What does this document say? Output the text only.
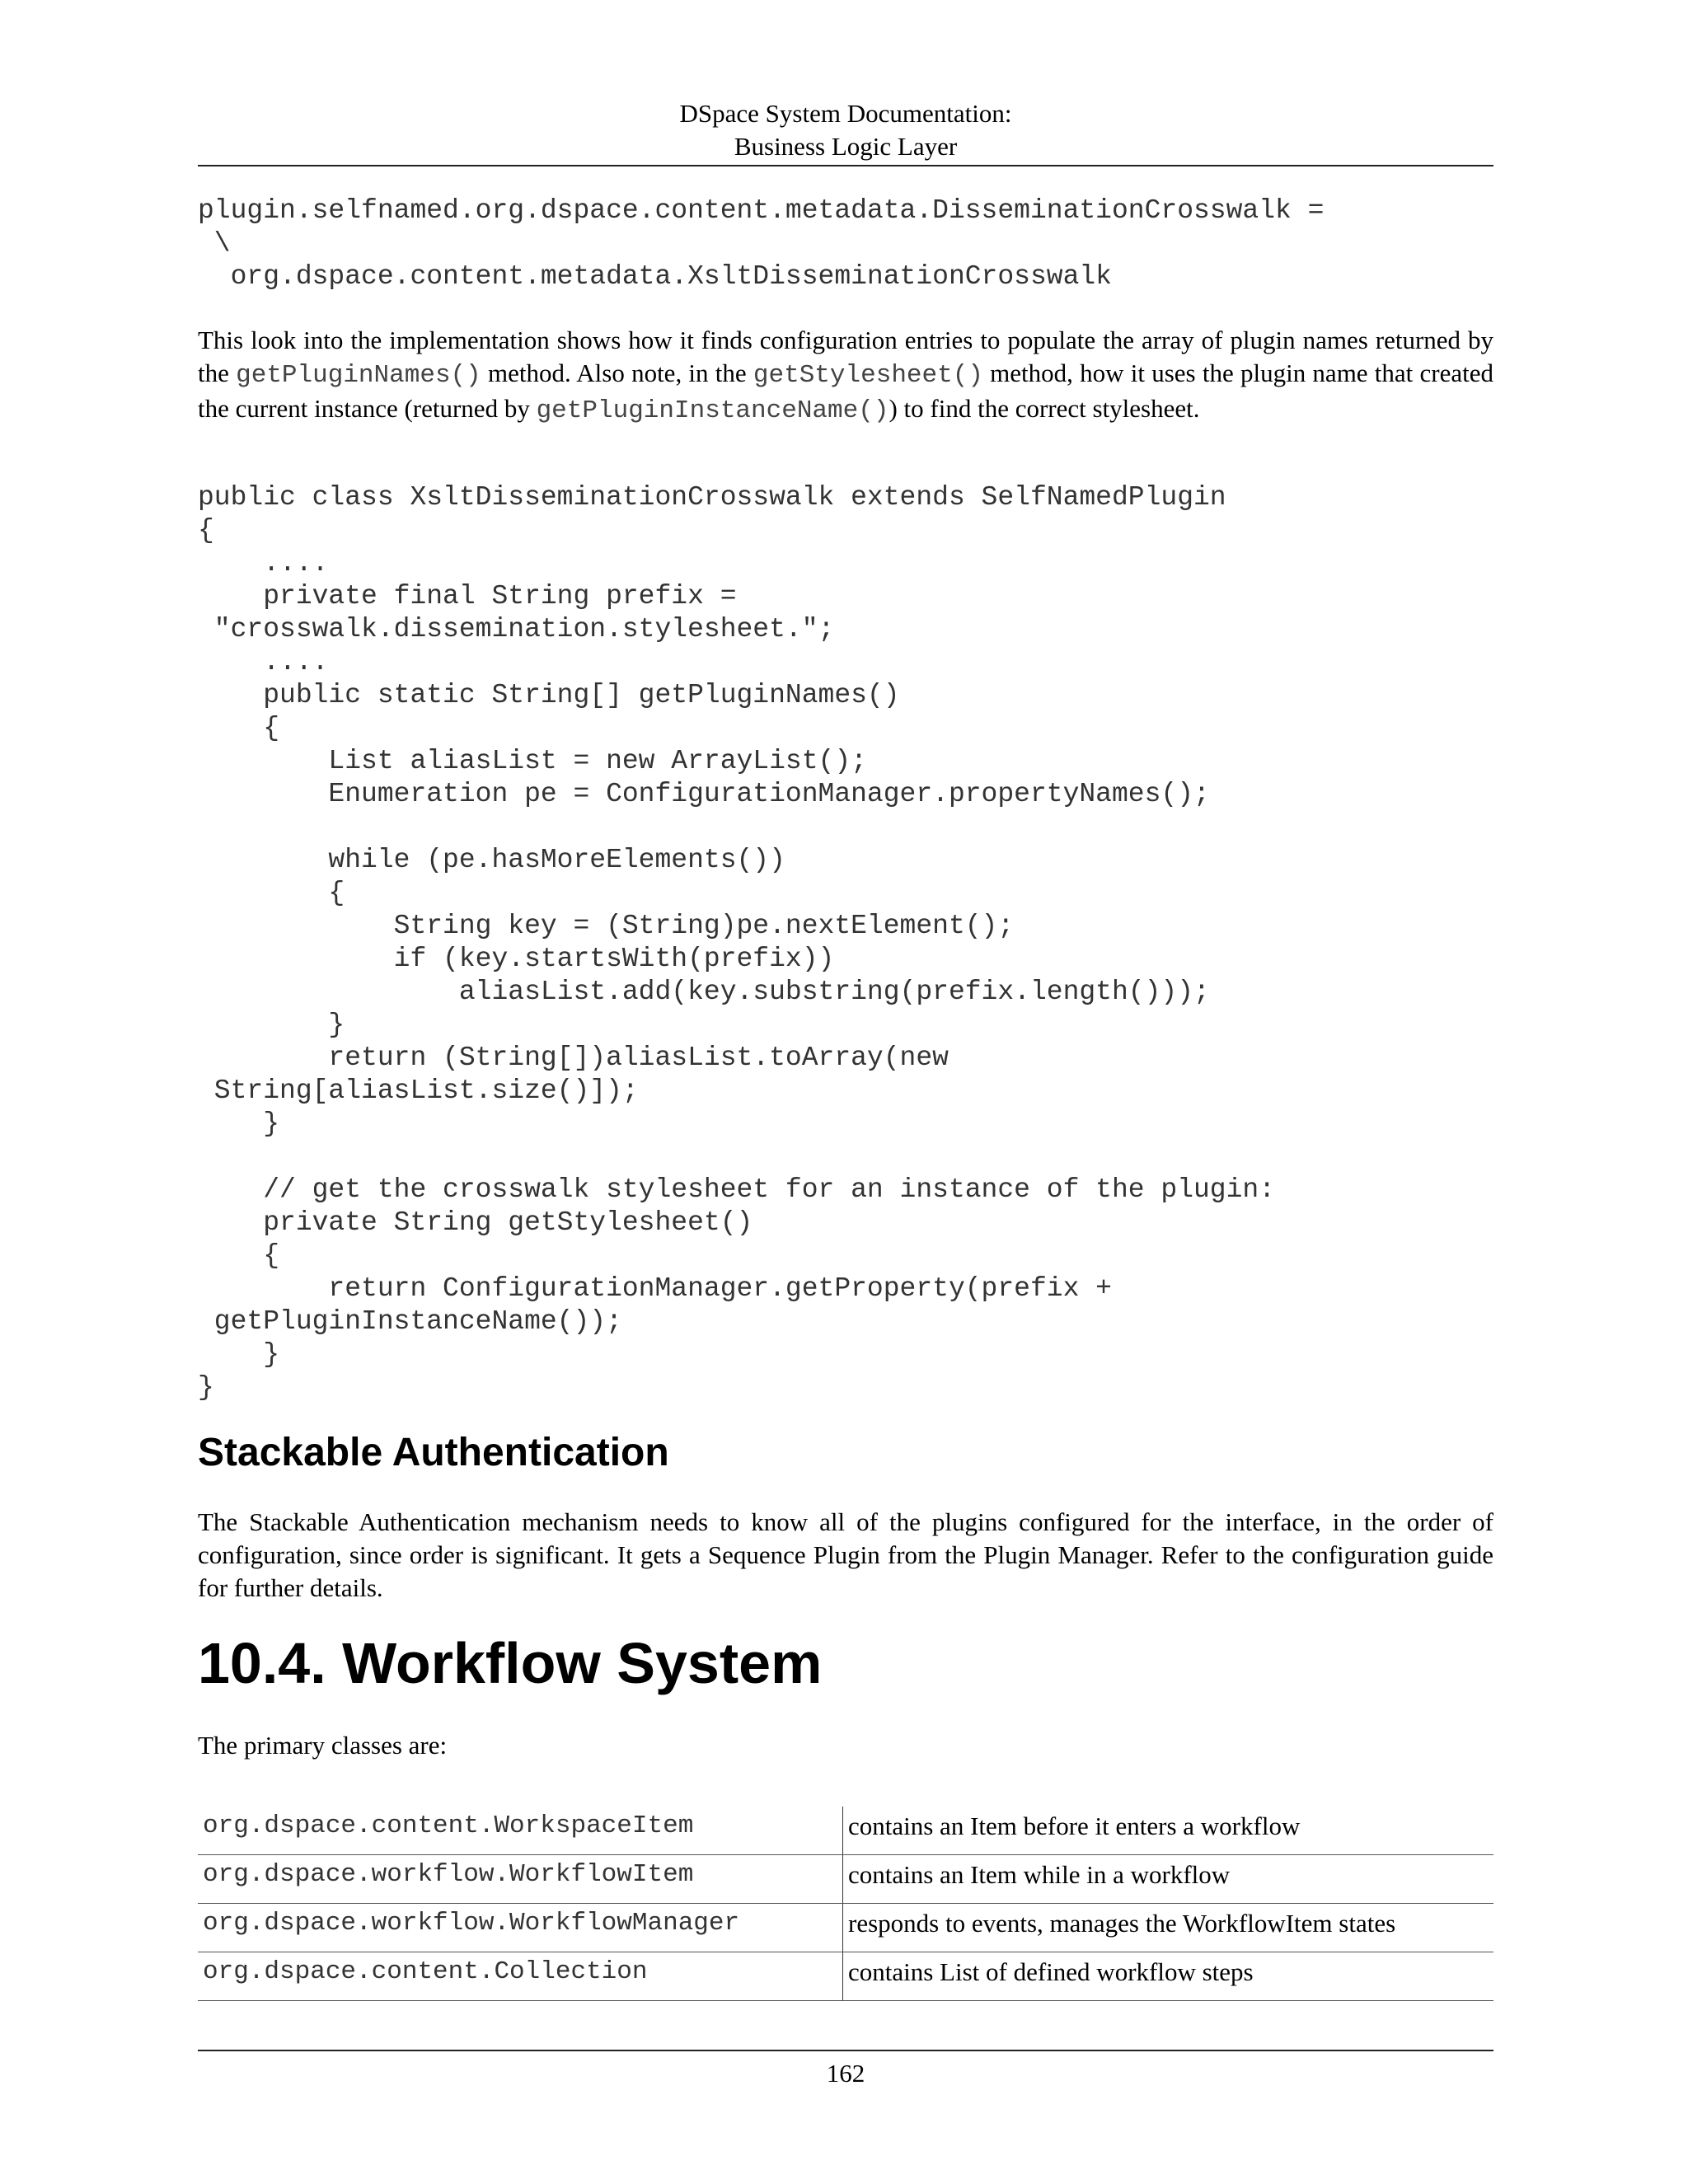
DSpace System Documentation:
Business Logic Layer
plugin.selfnamed.org.dspace.content.metadata.DisseminationCrosswalk =
\
org.dspace.content.metadata.XsltDisseminationCrosswalk

This look into the implementation shows how it finds configuration entries to populate the array of plugin names returned by the getPluginNames() method. Also note, in the getStylesheet() method, how it uses the plugin name that created the current instance (returned by getPluginInstanceName()) to find the correct stylesheet.

public class XsltDisseminationCrosswalk extends SelfNamedPlugin
{
....
private final String prefix =
"crosswalk.dissemination.stylesheet.";
....
public static String[] getPluginNames()
{
List aliasList = new ArrayList();
Enumeration pe = ConfigurationManager.propertyNames();

while (pe.hasMoreElements())
{
String key = (String)pe.nextElement();
if (key.startsWith(prefix))
aliasList.add(key.substring(prefix.length()));
}
return (String[])aliasList.toArray(new
String[aliasList.size()]);
}

// get the crosswalk stylesheet for an instance of the plugin:
private String getStylesheet()
{
return ConfigurationManager.getProperty(prefix +
getPluginInstanceName());
}
}
Stackable Authentication

The Stackable Authentication mechanism needs to know all of the plugins configured for the interface, in the order of configuration, since order is significant. It gets a Sequence Plugin from the Plugin Manager. Refer to the configuration guide for further details.

10.4. Workflow System

The primary classes are:

org.dspace.content.WorkspaceItem	contains an Item before it enters a workflow
org.dspace.workflow.WorkflowItem	contains an Item while in a workflow
org.dspace.workflow.WorkflowManager	responds to events, manages the WorkflowItem states
org.dspace.content.Collection	contains List of defined workflow steps
162
